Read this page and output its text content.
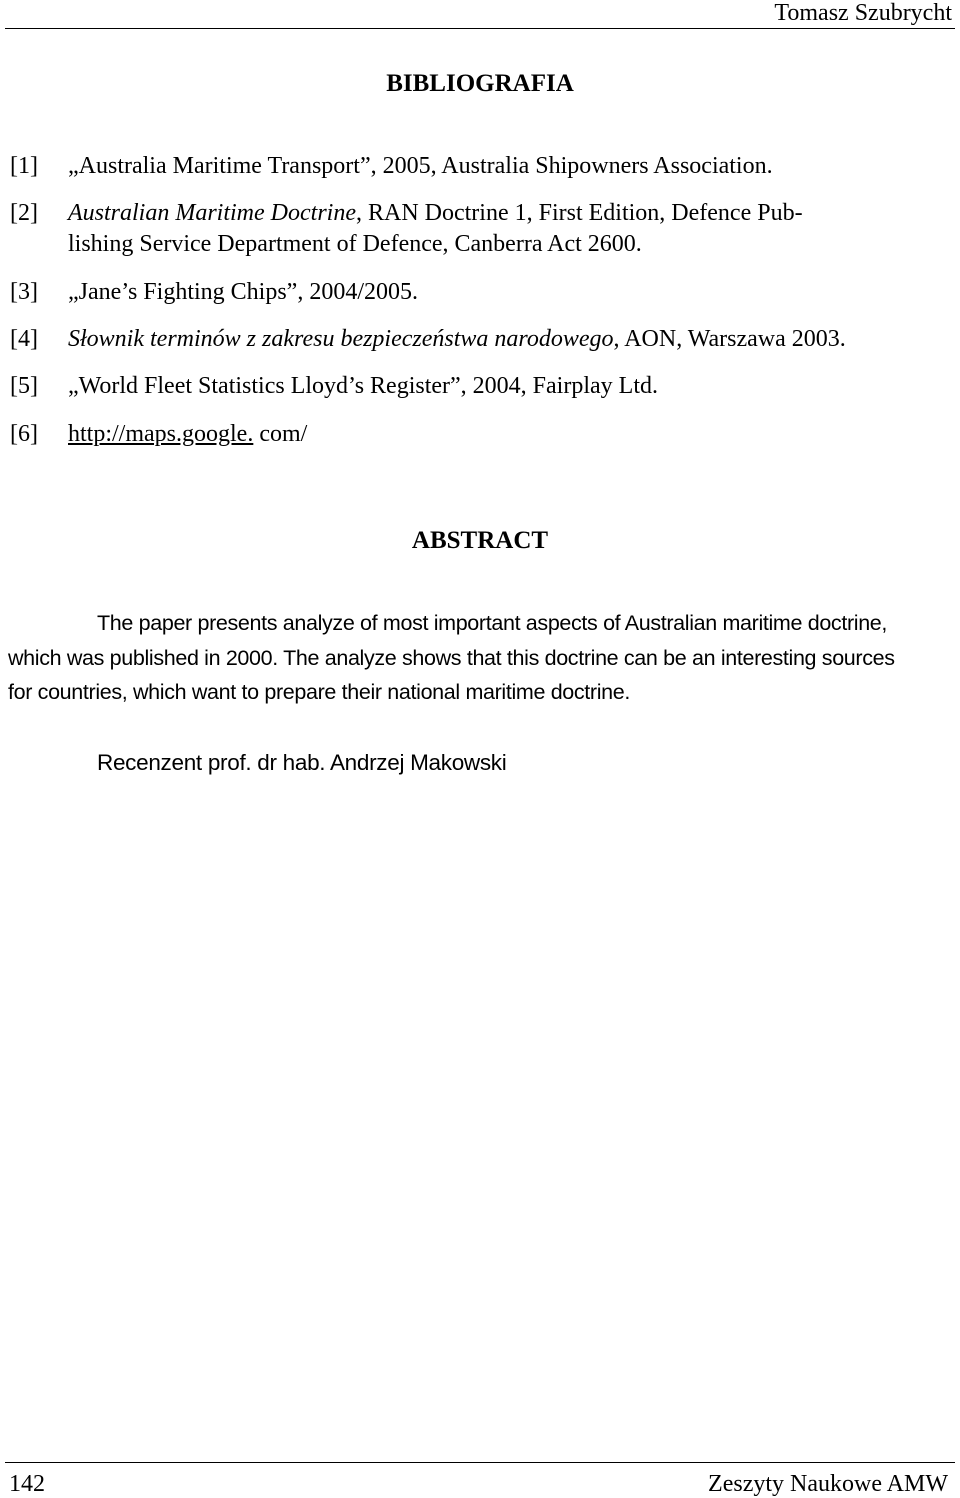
Tomasz Szubrycht
BIBLIOGRAFIA
[1] „Australia Maritime Transport”, 2005, Australia Shipowners Association.
[2] Australian Maritime Doctrine, RAN Doctrine 1, First Edition, Defence Pub-
lishing Service Department of Defence, Canberra Act 2600.
[3] „Jane’s Fighting Chips”, 2004/2005.
[4] Słownik terminów z zakresu bezpieczeństwa narodowego, AON, Warszawa 2003.
[5] „World Fleet Statistics Lloyd’s Register”, 2004, Fairplay Ltd.
[6] http://maps.google. com/
ABSTRACT
The paper presents analyze of most important aspects of Australian maritime doctrine,
which was published in 2000. The analyze shows that this doctrine can be an interesting sources
for countries, which want to prepare their national maritime doctrine.
Recenzent prof. dr hab. Andrzej Makowski
142	Zeszyty Naukowe AMW
